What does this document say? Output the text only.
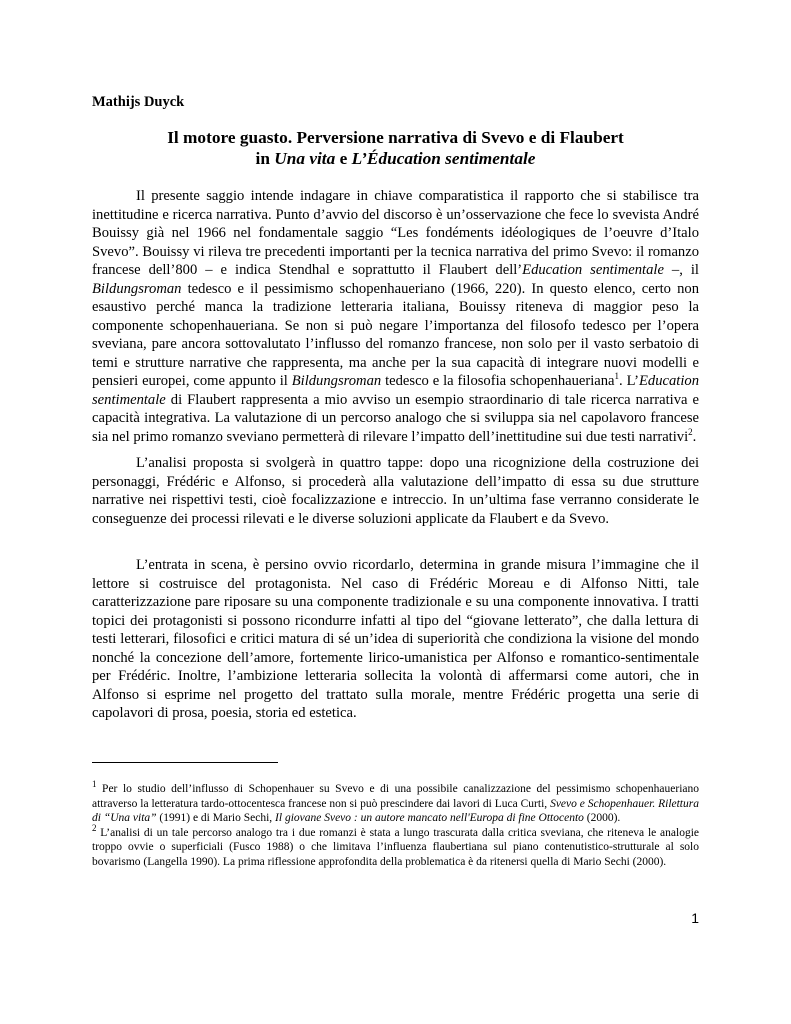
Mathijs Duyck
Il motore guasto. Perversione narrativa di Svevo e di Flaubert
in Una vita e L’Éducation sentimentale

Il presente saggio intende indagare in chiave comparatistica il rapporto che si stabilisce tra inettitudine e ricerca narrativa. Punto d’avvio del discorso è un’osservazione che fece lo svevista André Bouissy già nel 1966 nel fondamentale saggio “Les fondéments idéologiques de l’oeuvre d’Italo Svevo”. Bouissy vi rileva tre precedenti importanti per la tecnica narrativa del primo Svevo: il romanzo francese dell’800 – e indica Stendhal e soprattutto il Flaubert dell’Education sentimentale –, il Bildungsroman tedesco e il pessimismo schopenhaueriano (1966, 220). In questo elenco, certo non esaustivo perché manca la tradizione letteraria italiana, Bouissy riteneva di maggior peso la componente schopenhaueriana. Se non si può negare l’importanza del filosofo tedesco per l’opera sveviana, pare ancora sottovalutato l’influsso del romanzo francese, non solo per il vasto serbatoio di temi e strutture narrative che rappresenta, ma anche per la sua capacità di integrare nuovi modelli e pensieri europei, come appunto il Bildungsroman tedesco e la filosofia schopenhaueriana$^1$. L’Education sentimentale di Flaubert rappresenta a mio avviso un esempio straordinario di tale ricerca narrativa e capacità integrativa. La valutazione di un percorso analogo che si sviluppa sia nel capolavoro francese sia nel primo romanzo sveviano permetterà di rilevare l’impatto dell’inettitudine sui due testi narrativi$^2$.

L’analisi proposta si svolgerà in quattro tappe: dopo una ricognizione della costruzione dei personaggi, Frédéric e Alfonso, si procederà alla valutazione dell’impatto di essa su due strutture narrative nei rispettivi testi, cioè focalizzazione e intreccio. In un’ultima fase verranno considerate le conseguenze dei processi rilevati e le diverse soluzioni applicate da Flaubert e da Svevo.

L’entrata in scena, è persino ovvio ricordarlo, determina in grande misura l’immagine che il lettore si costruisce del protagonista. Nel caso di Frédéric Moreau e di Alfonso Nitti, tale caratterizzazione pare riposare su una componente tradizionale e su una componente innovativa. I tratti topici dei protagonisti si possono ricondurre infatti al tipo del “giovane letterato”, che dalla lettura di testi letterari, filosofici e critici matura di sé un’idea di superiorità che condiziona la visione del mondo nonché la concezione dell’amore, fortemente lirico-umanistica per Alfonso e romantico-sentimentale per Frédéric. Inoltre, l’ambizione letteraria sollecita la volontà di affermarsi come autori, che in Alfonso si esprime nel progetto del trattato sulla morale, mentre Frédéric progetta una serie di capolavori di prosa, poesia, storia ed estetica.

$^1$ Per lo studio dell’influsso di Schopenhauer su Svevo e di una possibile canalizzazione del pessimismo schopenhaueriano attraverso la letteratura tardo-ottocentesca francese non si può prescindere dai lavori di Luca Curti, Svevo e Schopenhauer. Rilettura di “Una vita” (1991) e di Mario Sechi, Il giovane Svevo : un autore mancato nell'Europa di fine Ottocento (2000).

$^2$ L’analisi di un tale percorso analogo tra i due romanzi è stata a lungo trascurata dalla critica sveviana, che riteneva le analogie troppo ovvie o superficiali (Fusco 1988) o che limitava l’influenza flaubertiana sul piano contenutistico-strutturale al solo bovarismo (Langella 1990). La prima riflessione approfondita della problematica è da ritenersi quella di Mario Sechi (2000).

1
